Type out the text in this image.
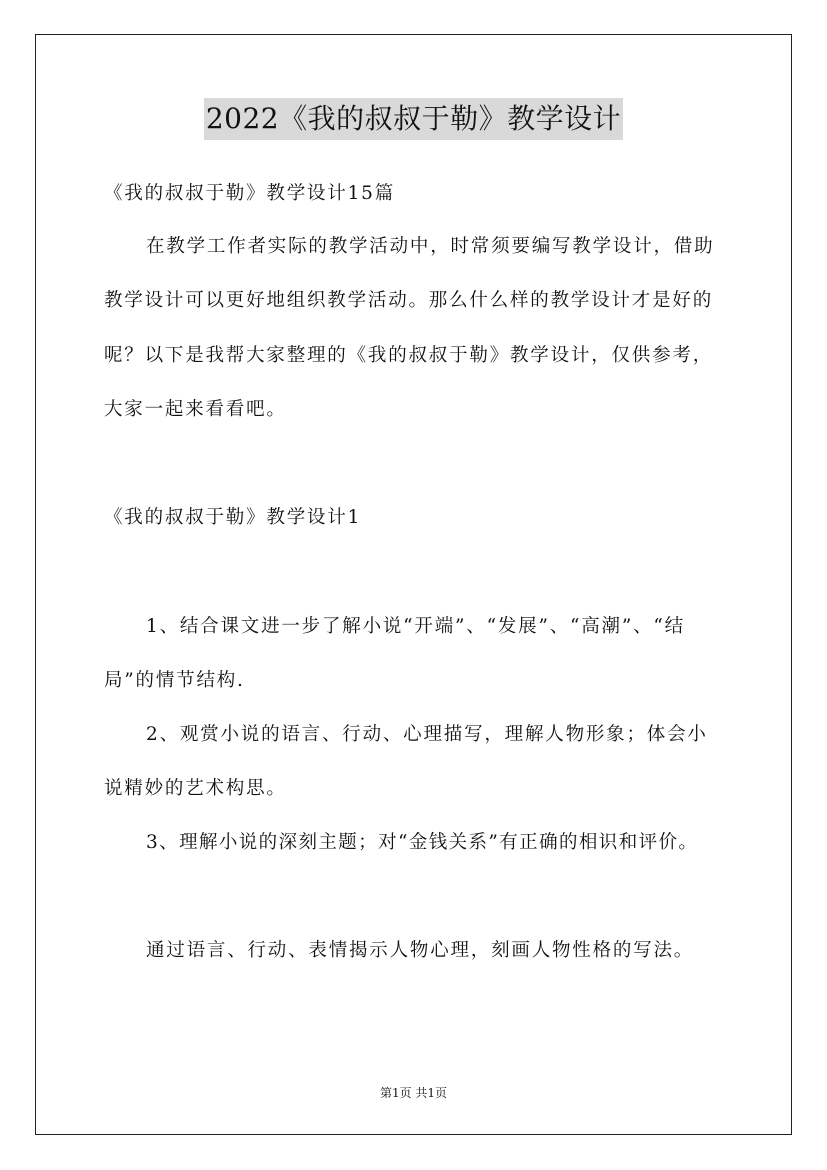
2022《我的叔叔于勒》教学设计
《我的叔叔于勒》教学设计15篇
在教学工作者实际的教学活动中，时常须要编写教学设计，借助
教学设计可以更好地组织教学活动。那么什么样的教学设计才是好的
呢？以下是我帮大家整理的《我的叔叔于勒》教学设计，仅供参考，
大家一起来看看吧。
《我的叔叔于勒》教学设计1
1、结合课文进一步了解小说“开端”、“发展”、“高潮”、“结
局”的情节结构.
2、观赏小说的语言、行动、心理描写，理解人物形象；体会小
说精妙的艺术构思。
3、理解小说的深刻主题；对“金钱关系”有正确的相识和评价。
通过语言、行动、表情揭示人物心理，刻画人物性格的写法。
第1页 共1页
